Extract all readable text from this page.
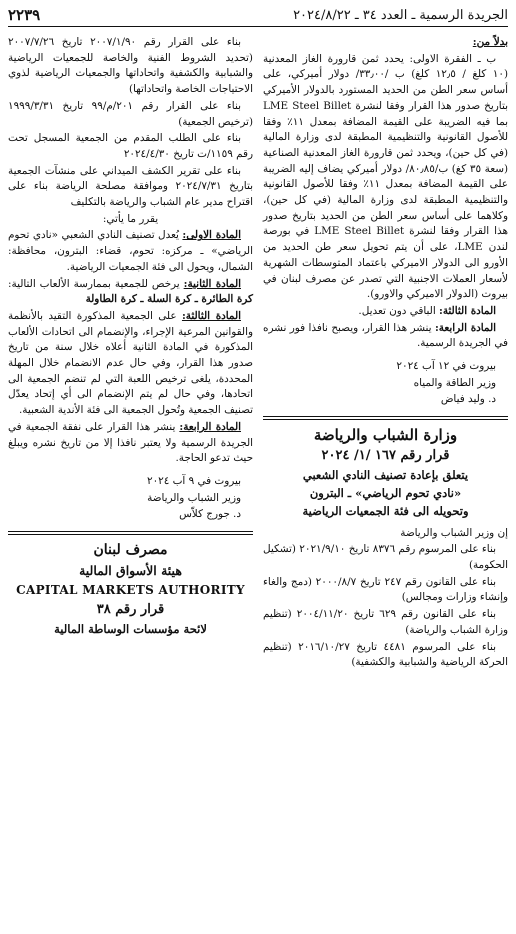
الجريدة الرسمية ـ العدد ٣٤ ـ ٢٠٢٤/٨/٢٢
٢٢٣٩

بدلاً من:

ب ـ الفقرة الاولى: يحدد ثمن قارورة الغاز المعدنية (١٠ كلغ / ١٢٫٥ كلغ) ب /٣٣٫٠٠/ دولار أميركي، على أساس سعر الطن من الحديد المستورد بالدولار الأميركي بتاريخ صدور هذا القرار وفقا لنشرة LME Steel Billet بما فيه الضريبة على القيمة المضافة بمعدل ١١٪ وفقا للأصول القانونية والتنظيمية المطبقة لدى وزارة المالية (في كل حين)، ويحدد ثمن قارورة الغاز المعدنية الصناعية (سعة ٣٥ كغ) ب/٨٠٫٨٥/ دولار أميركي يضاف إليه الضريبة على القيمة المضافة بمعدل ١١٪ وفقا للأصول القانونية والتنظيمية المطبقة لدى وزارة المالية (في كل حين)، وكلاهما على أساس سعر الطن من الحديد بتاريخ صدور هذا القرار وفقا لنشرة LME Steel Billet في بورصة لندن LME، على أن يتم تحويل سعر طن الحديد من الأورو الى الدولار الاميركي باعتماد المتوسطات الشهرية لأسعار العملات الاجنبية التي تصدر عن مصرف لبنان في بيروت (الدولار الاميركي والاورو).

المادة الثالثة: الباقي دون تعديل.

المادة الرابعة: ينشر هذا القرار، ويصبح نافذا فور نشره في الجريدة الرسمية.

بيروت في ١٢ آب ٢٠٢٤

وزير الطاقة والمياه

د. وليد فياض

وزارة الشباب والرياضة
قرار رقم ١٦٧ /١/ ٢٠٢٤
يتعلق بإعادة تصنيف النادي الشعبي
«نادي تحوم الرياضي» ـ البترون
وتحويله الى فئة الجمعيات الرياضية

إن وزير الشباب والرياضة

بناء على المرسوم رقم ٨٣٧٦ تاريخ ٢٠٢١/٩/١٠ (تشكيل الحكومة)

بناء على القانون رقم ٢٤٧ تاريخ ٢٠٠٠/٨/٧ (دمج والغاء وإنشاء وزارات ومجالس)

بناء على القانون رقم ٦٢٩ تاريخ ٢٠٠٤/١١/٢٠ (تنظيم وزارة الشباب والرياضة)

بناء على المرسوم ٤٤٨١ تاريخ ٢٠١٦/١٠/٢٧ (تنظيم الحركة الرياضية والشبابية والكشفية)

بناء على القرار رقم ٢٠٠٧/١/٩٠ تاريخ ٢٠٠٧/٧/٢٦ (تحديد الشروط الفنية والخاصة للجمعيات الرياضية والشبابية والكشفية واتحاداتها والجمعيات الرياضية لذوي الاحتياجات الخاصة واتحاداتها)

بناء على القرار رقم ٢٠١/م/٩٩ تاريخ ١٩٩٩/٣/٣١ (ترخيص الجمعية)

بناء على الطلب المقدم من الجمعية المسجل تحت رقم ١١٥٩/ت تاريخ ٢٠٢٤/٤/٣٠

بناء على تقرير الكشف الميداني على منشآت الجمعية بتاريخ ٢٠٢٤/٧/٣١ وموافقة مصلحة الرياضة بناء على اقتراح مدير عام الشباب والرياضة بالتكليف

يقرر ما يأتي:

المادة الاولى: يُعدل تصنيف النادي الشعبي «نادي تحوم الرياضي» ـ مركزه: تحوم، قضاء: البترون، محافظة: الشمال، ويحول الى فئة الجمعيات الرياضية.

المادة الثانية: يرخص للجمعية بممارسة الألعاب التالية: كرة الطائرة ـ كرة السلة ـ كرة الطاولة

المادة الثالثة: على الجمعية المذكورة التقيد بالأنظمة والقوانين المرعية الإجراء، والإنضمام الى اتحادات الألعاب المذكورة في المادة الثانية أعلاه خلال سنة من تاريخ صدور هذا القرار، وفي حال عدم الانضمام خلال المهلة المحددة، يلغى ترخيص اللعبة التي لم تنضم الجمعية الى اتحادها، وفي حال لم يتم الإنضمام الى أي إتحاد يعدّل تصنيف الجمعية وتُحول الجمعية الى فئة الأندية الشعبية.

المادة الرابعة: ينشر هذا القرار على نفقة الجمعية في الجريدة الرسمية ولا يعتبر نافذا إلا من تاريخ نشره ويبلغ حيث تدعو الحاجة.

بيروت في ٩ آب ٢٠٢٤

وزير الشباب والرياضة

د. جورج كلاّس

مصرف لبنان
هيئة الأسواق المالية
CAPITAL MARKETS AUTHORITY
قرار رقم ٣٨
لائحة مؤسسات الوساطة المالية
